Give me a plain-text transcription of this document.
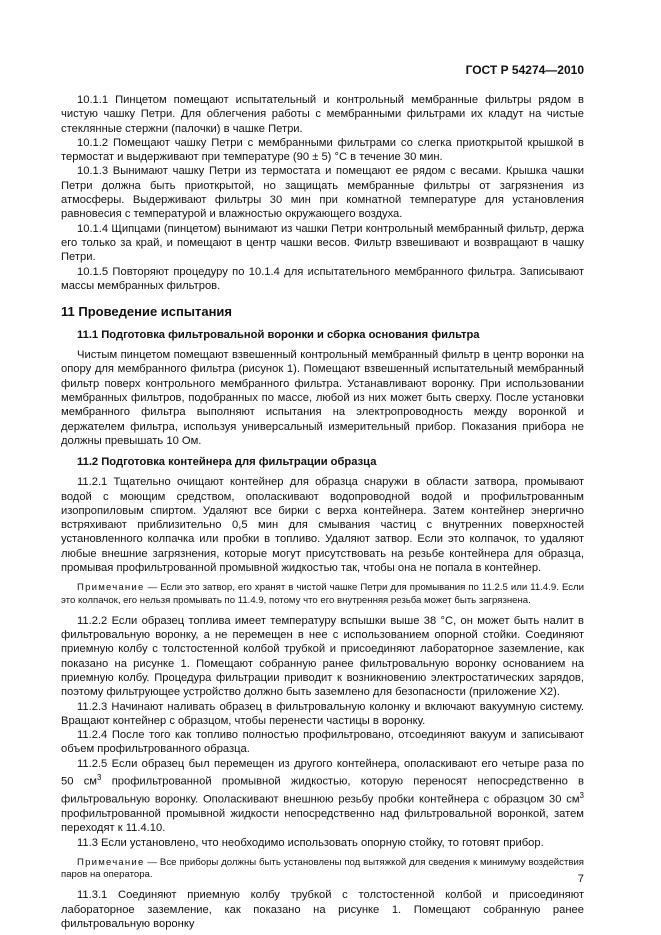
ГОСТ Р 54274—2010

10.1.1 Пинцетом помещают испытательный и контрольный мембранные фильтры рядом в чистую чашку Петри. Для облегчения работы с мембранными фильтрами их кладут на чистые стеклянные стержни (палочки) в чашке Петри.

10.1.2 Помещают чашку Петри с мембранными фильтрами со слегка приоткрытой крышкой в термостат и выдерживают при температуре (90 ± 5) °С в течение 30 мин.

10.1.3 Вынимают чашку Петри из термостата и помещают ее рядом с весами. Крышка чашки Петри должна быть приоткрытой, но защищать мембранные фильтры от загрязнения из атмосферы. Выдерживают фильтры 30 мин при комнатной температуре для установления равновесия с температурой и влажностью окружающего воздуха.

10.1.4 Щипцами (пинцетом) вынимают из чашки Петри контрольный мембранный фильтр, держа его только за край, и помещают в центр чашки весов. Фильтр взвешивают и возвращают в чашку Петри.

10.1.5 Повторяют процедуру по 10.1.4 для испытательного мембранного фильтра. Записывают массы мембранных фильтров.

11 Проведение испытания
11.1 Подготовка фильтровальной воронки и сборка основания фильтра

Чистым пинцетом помещают взвешенный контрольный мембранный фильтр в центр воронки на опору для мембранного фильтра (рисунок 1). Помещают взвешенный испытательный мембранный фильтр поверх контрольного мембранного фильтра. Устанавливают воронку. При использовании мембранных фильтров, подобранных по массе, любой из них может быть сверху. После установки мембранного фильтра выполняют испытания на электропроводность между воронкой и держателем фильтра, используя универсальный измерительный прибор. Показания прибора не должны превышать 10 Ом.

11.2 Подготовка контейнера для фильтрации образца

11.2.1 Тщательно очищают контейнер для образца снаружи в области затвора, промывают водой с моющим средством, ополаскивают водопроводной водой и профильтрованным изопропиловым спиртом. Удаляют все бирки с верха контейнера. Затем контейнер энергично встряхивают приблизительно 0,5 мин для смывания частиц с внутренних поверхностей установленного колпачка или пробки в топливо. Удаляют затвор. Если это колпачок, то удаляют любые внешние загрязнения, которые могут присутствовать на резьбе контейнера для образца, промывая профильтрованной промывной жидкостью так, чтобы она не попала в контейнер.

Примечание — Если это затвор, его хранят в чистой чашке Петри для промывания по 11.2.5 или 11.4.9. Если это колпачок, его нельзя промывать по 11.4.9, потому что его внутренняя резьба может быть загрязнена.

11.2.2 Если образец топлива имеет температуру вспышки выше 38 °С, он может быть налит в фильтровальную воронку, а не перемещен в нее с использованием опорной стойки. Соединяют приемную колбу с толстостенной колбой трубкой и присоединяют лабораторное заземление, как показано на рисунке 1. Помещают собранную ранее фильтровальную воронку основанием на приемную колбу. Процедура фильтрации приводит к возникновению электростатических зарядов, поэтому фильтрующее устройство должно быть заземлено для безопасности (приложение Х2).

11.2.3 Начинают наливать образец в фильтровальную колонку и включают вакуумную систему. Вращают контейнер с образцом, чтобы перенести частицы в воронку.

11.2.4 После того как топливо полностью профильтровано, отсоединяют вакуум и записывают объем профильтрованного образца.

11.2.5 Если образец был перемещен из другого контейнера, ополаскивают его четыре раза по 50 $см^3$ профильтрованной промывной жидкостью, которую переносят непосредственно в фильтровальную воронку. Ополаскивают внешнюю резьбу пробки контейнера с образцом 30 $см^3$ профильтрованной промывной жидкости непосредственно над фильтровальной воронкой, затем переходят к 11.4.10.

11.3 Если установлено, что необходимо использовать опорную стойку, то готовят прибор.

Примечание — Все приборы должны быть установлены под вытяжкой для сведения к минимуму воздействия паров на оператора.

11.3.1 Соединяют приемную колбу трубкой с толстостенной колбой и присоединяют лабораторное заземление, как показано на рисунке 1. Помещают собранную ранее фильтровальную воронку

7
